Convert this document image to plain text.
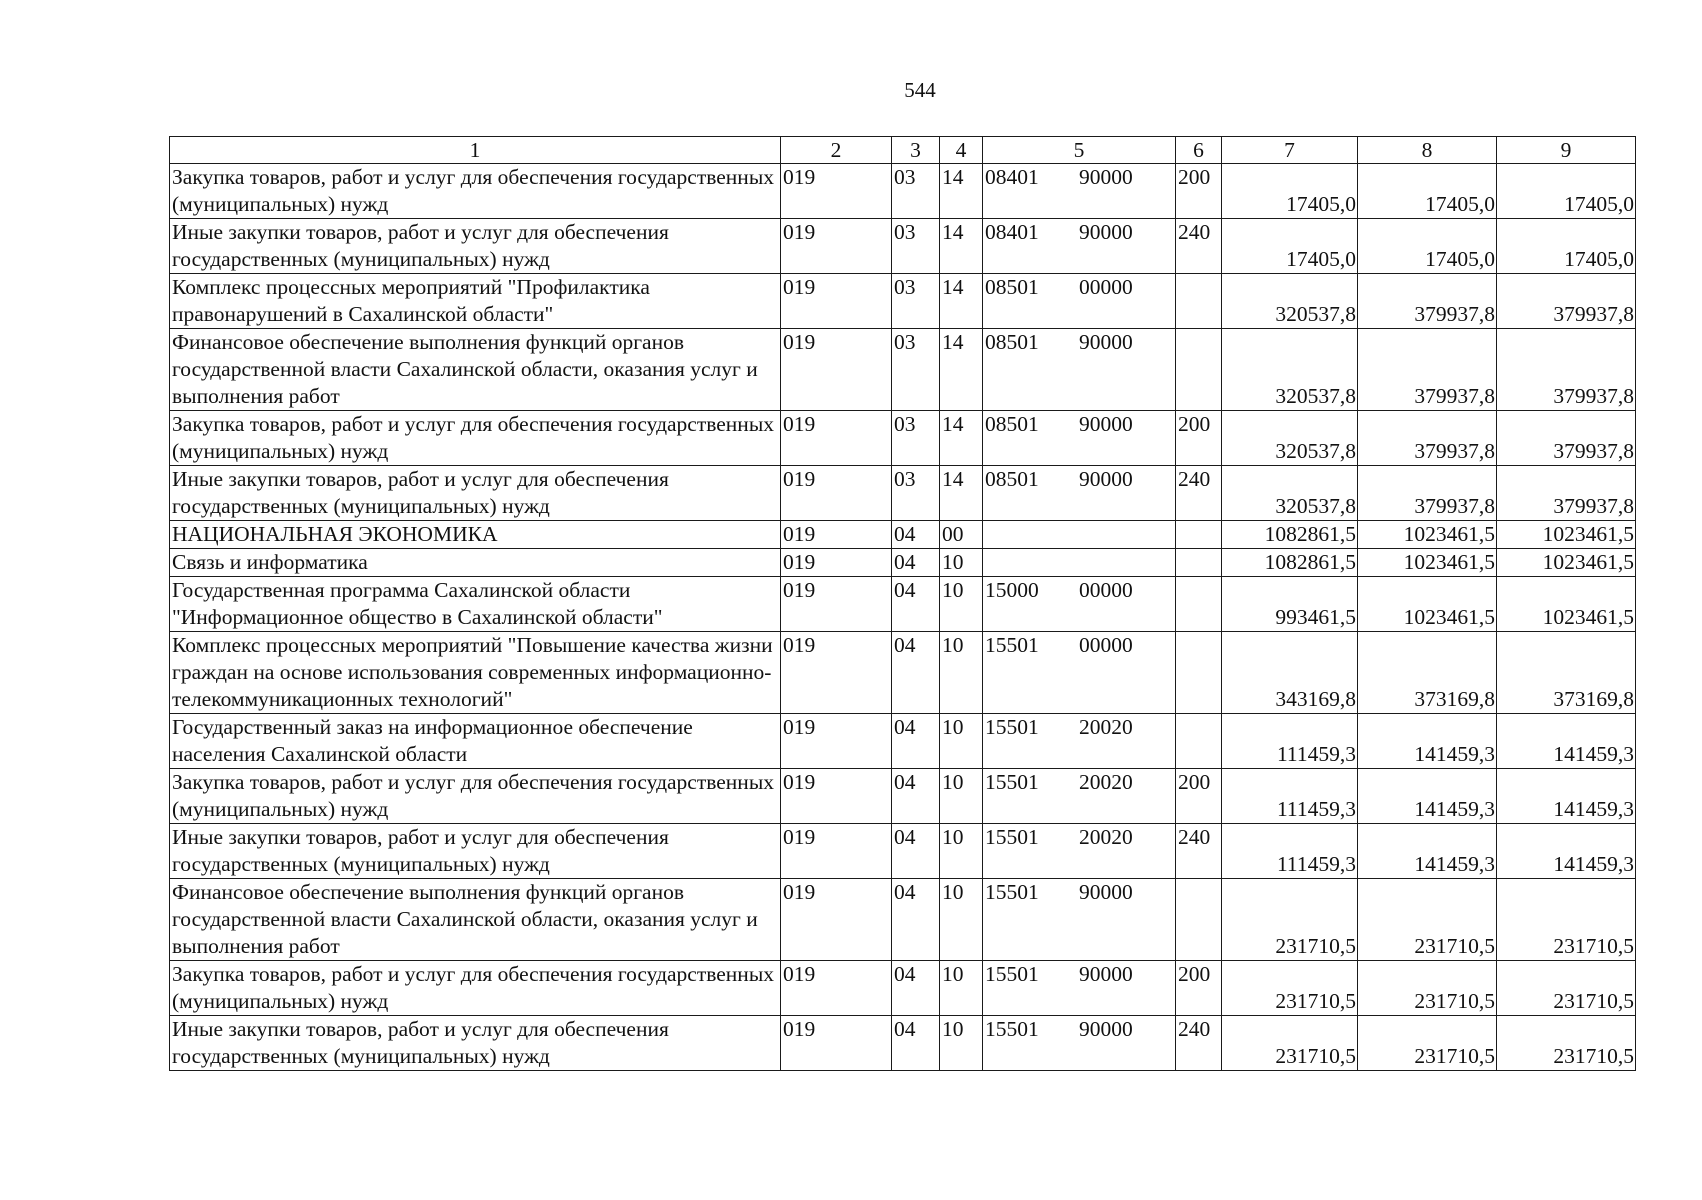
544
1	2	3	4	5	6	7	8	9
Закупка товаров, работ и услуг для обеспечения государственных (муниципальных) нужд	019	03	14	08401 90000	200	17405,0	17405,0	17405,0
Иные закупки товаров, работ и услуг для обеспечения государственных (муниципальных) нужд	019	03	14	08401 90000	240	17405,0	17405,0	17405,0
Комплекс процессных мероприятий "Профилактика правонарушений в Сахалинской области"	019	03	14	08501 00000		320537,8	379937,8	379937,8
Финансовое обеспечение выполнения функций органов государственной власти Сахалинской области, оказания услуг и выполнения работ	019	03	14	08501 90000		320537,8	379937,8	379937,8
Закупка товаров, работ и услуг для обеспечения государственных (муниципальных) нужд	019	03	14	08501 90000	200	320537,8	379937,8	379937,8
Иные закупки товаров, работ и услуг для обеспечения государственных (муниципальных) нужд	019	03	14	08501 90000	240	320537,8	379937,8	379937,8
НАЦИОНАЛЬНАЯ ЭКОНОМИКА	019	04	00			1082861,5	1023461,5	1023461,5
Связь и информатика	019	04	10			1082861,5	1023461,5	1023461,5
Государственная программа Сахалинской области "Информационное общество в Сахалинской области"	019	04	10	15000 00000		993461,5	1023461,5	1023461,5
Комплекс процессных мероприятий "Повышение качества жизни граждан на основе использования современных информационно-телекоммуникационных технологий"	019	04	10	15501 00000		343169,8	373169,8	373169,8
Государственный заказ на информационное обеспечение населения Сахалинской области	019	04	10	15501 20020		111459,3	141459,3	141459,3
Закупка товаров, работ и услуг для обеспечения государственных (муниципальных) нужд	019	04	10	15501 20020	200	111459,3	141459,3	141459,3
Иные закупки товаров, работ и услуг для обеспечения государственных (муниципальных) нужд	019	04	10	15501 20020	240	111459,3	141459,3	141459,3
Финансовое обеспечение выполнения функций органов государственной власти Сахалинской области, оказания услуг и выполнения работ	019	04	10	15501 90000		231710,5	231710,5	231710,5
Закупка товаров, работ и услуг для обеспечения государственных (муниципальных) нужд	019	04	10	15501 90000	200	231710,5	231710,5	231710,5
Иные закупки товаров, работ и услуг для обеспечения государственных (муниципальных) нужд	019	04	10	15501 90000	240	231710,5	231710,5	231710,5
